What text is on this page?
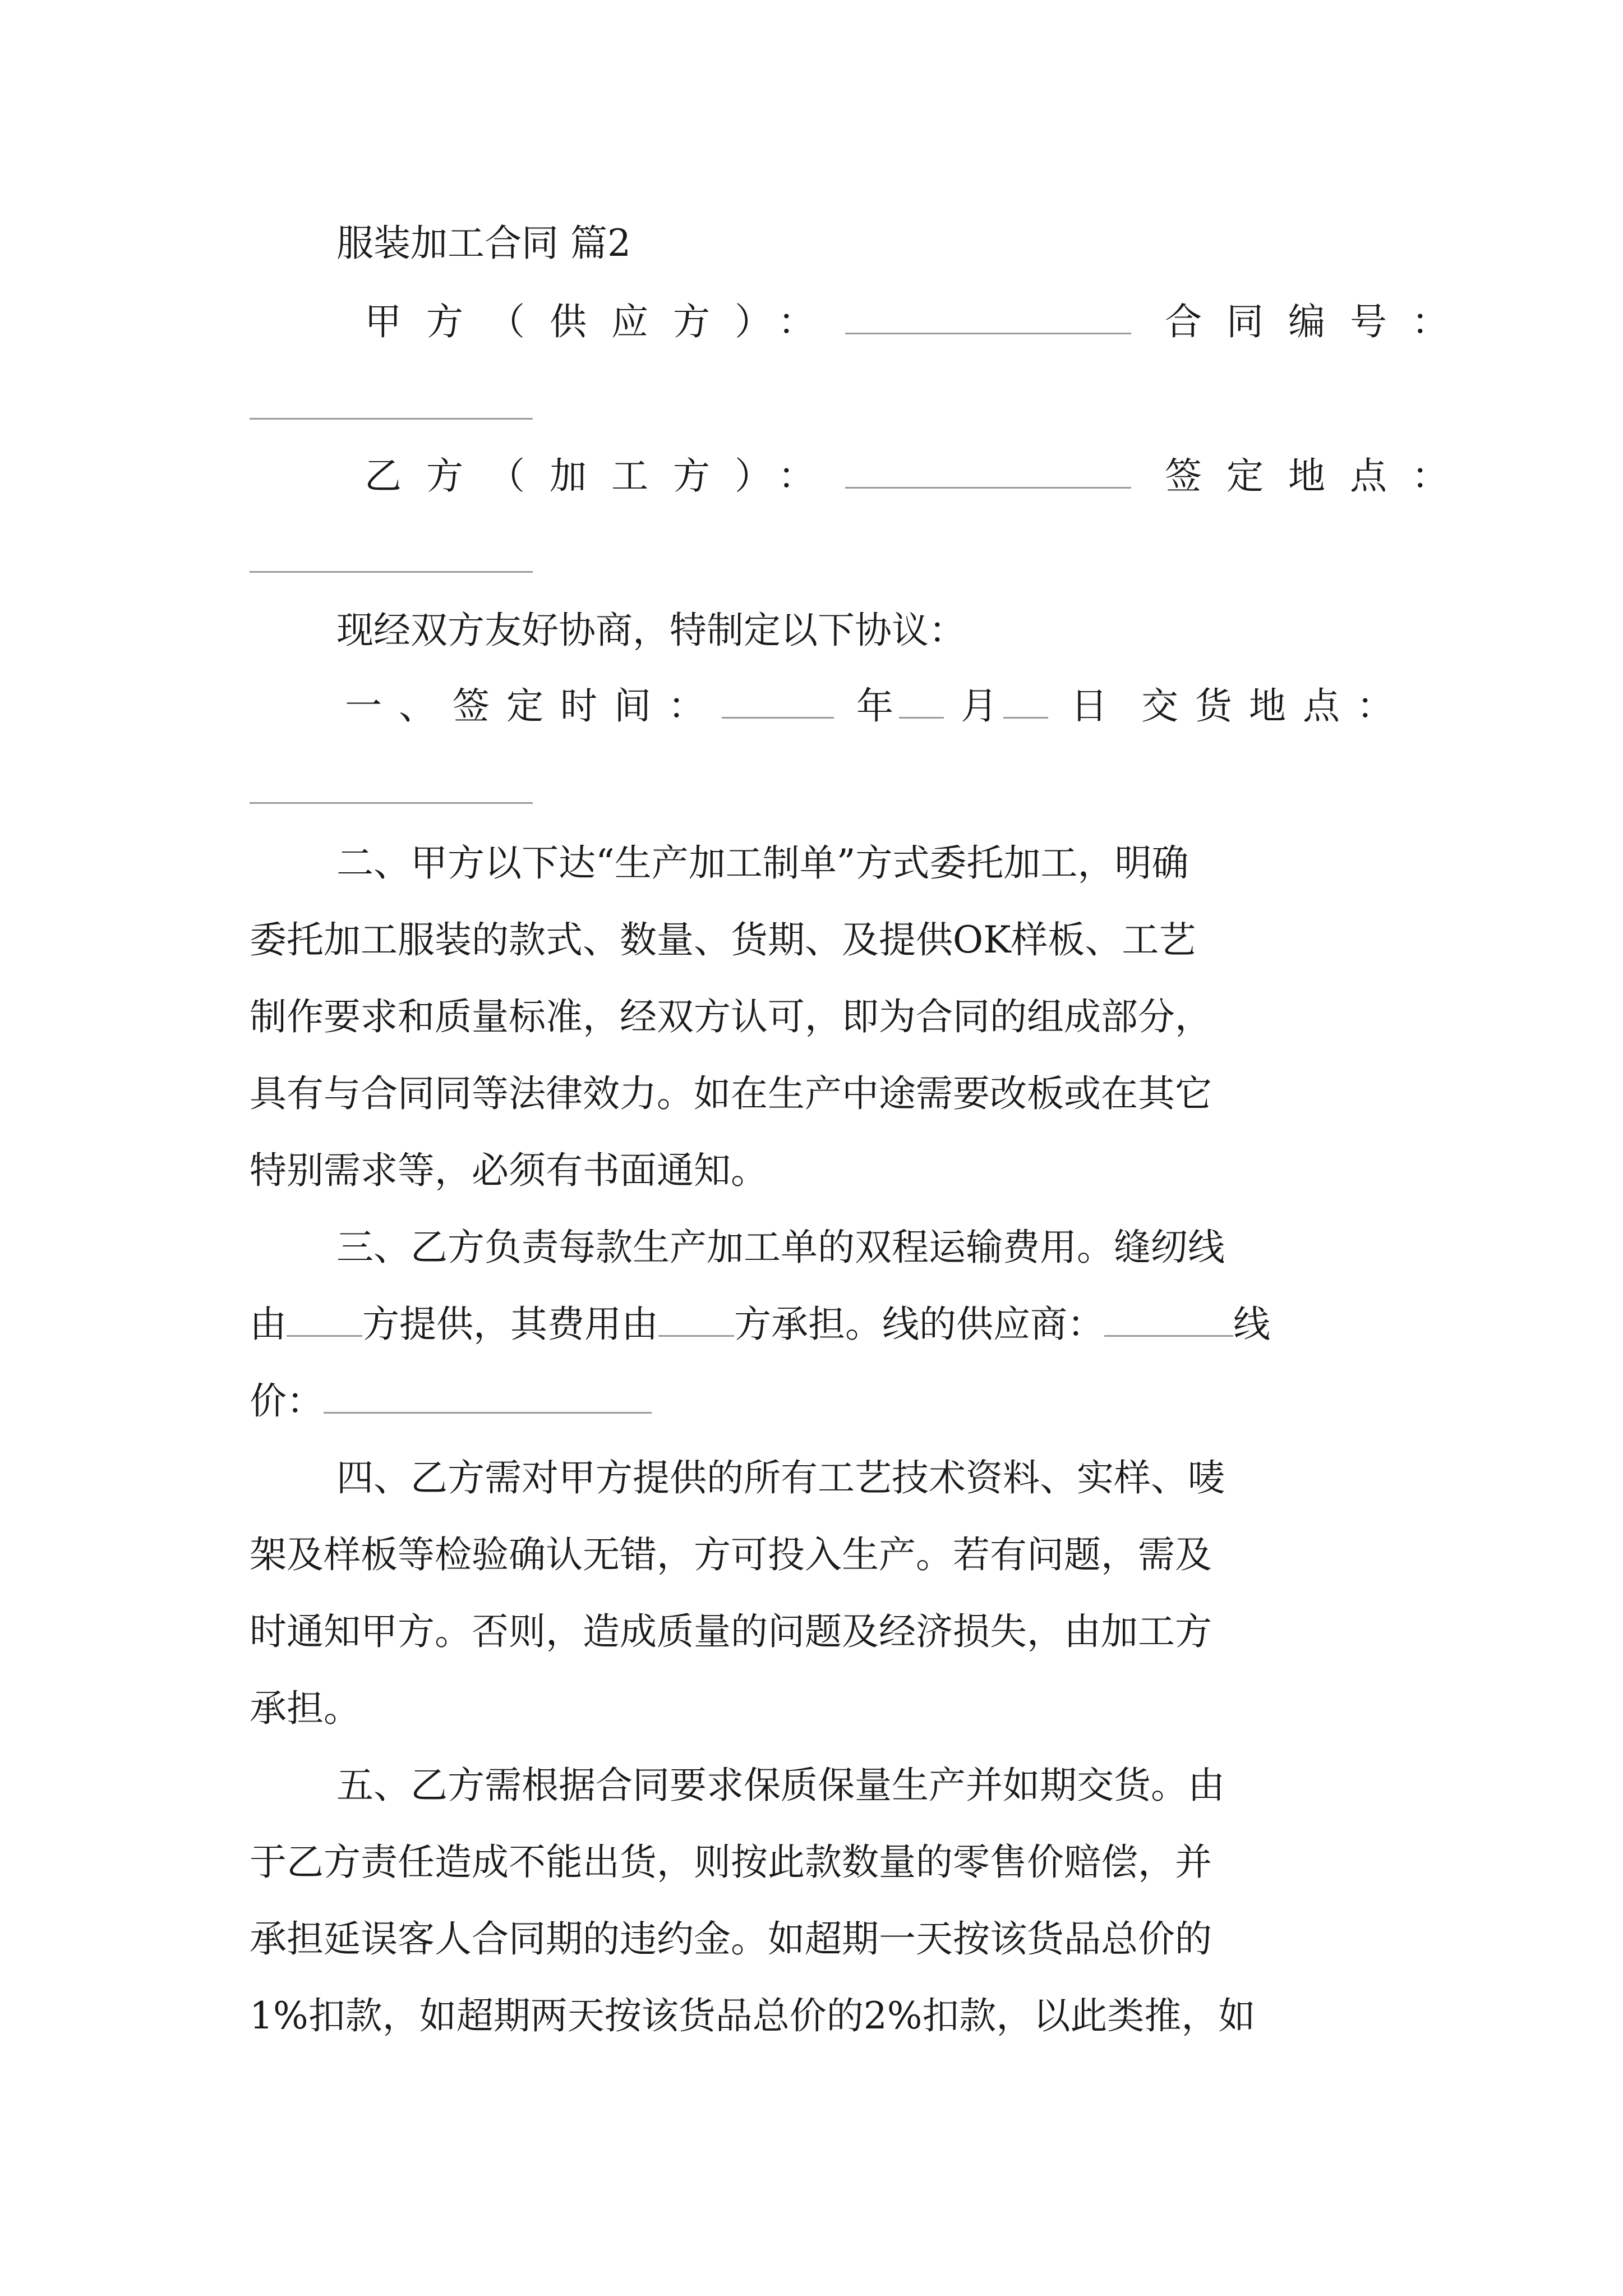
服装加工合同 篇2
甲方（供应方）：	合同编号：
乙方（加工方）：	签定地点：
现经双方友好协商，特制定以下协议：
一、签定时间：	年 月 日 交货地点：
二、甲方以下达“生产加工制单”方式委托加工，明确
委托加工服装的款式、数量、货期、及提供OK样板、工艺
制作要求和质量标准，经双方认可，即为合同的组成部分，
具有与合同同等法律效力。如在生产中途需要改板或在其它
特别需求等，必须有书面通知。
三、乙方负责每款生产加工单的双程运输费用。缝纫线
由 方提供，其费用由 方承担。线的供应商：	线
价：
四、乙方需对甲方提供的所有工艺技术资料、实样、唛
架及样板等检验确认无错，方可投入生产。若有问题，需及
时通知甲方。否则，造成质量的问题及经济损失，由加工方
承担。
五、乙方需根据合同要求保质保量生产并如期交货。由
于乙方责任造成不能出货，则按此款数量的零售价赔偿，并
承担延误客人合同期的违约金。如超期一天按该货品总价的
1%扣款，如超期两天按该货品总价的2%扣款，以此类推，如
